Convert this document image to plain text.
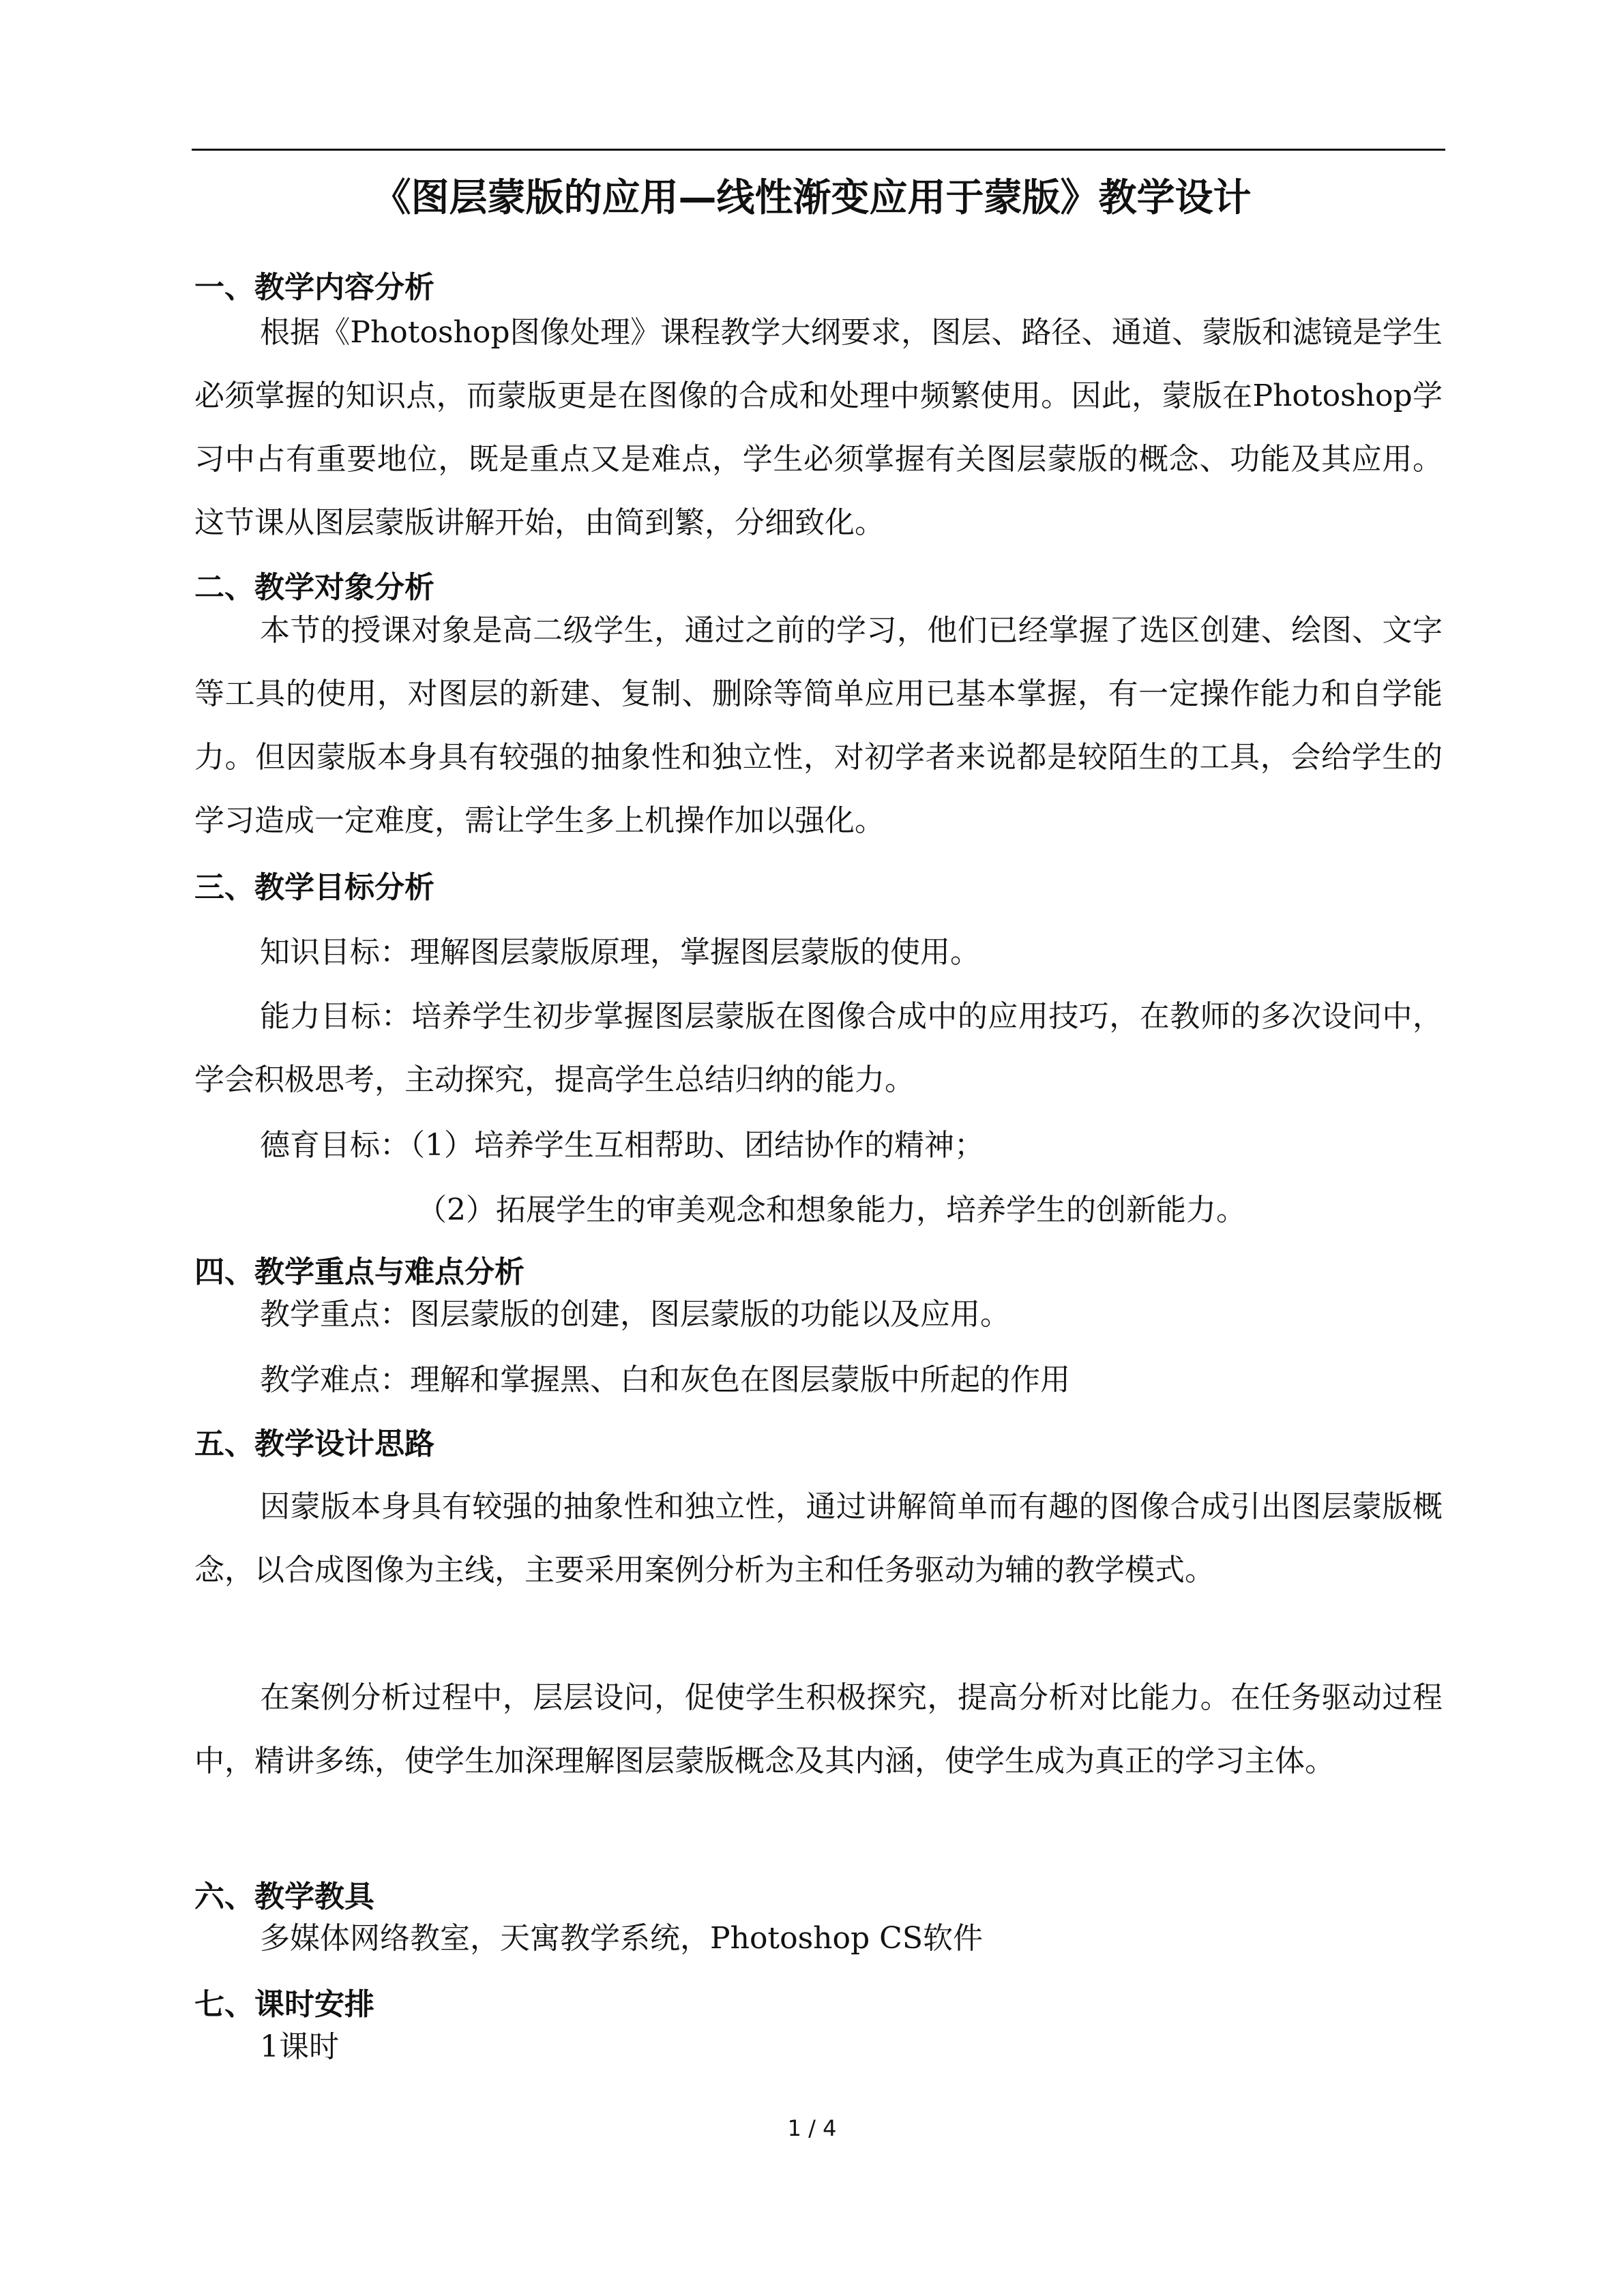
《图层蒙版的应用—线性渐变应用于蒙版》教学设计
一、教学内容分析

根据《Photoshop图像处理》课程教学大纲要求，图层、路径、通道、蒙版和滤镜是学生必须掌握的知识点，而蒙版更是在图像的合成和处理中频繁使用。因此，蒙版在Photoshop学习中占有重要地位，既是重点又是难点，学生必须掌握有关图层蒙版的概念、功能及其应用。这节课从图层蒙版讲解开始，由简到繁，分细致化。

二、教学对象分析

本节的授课对象是高二级学生，通过之前的学习，他们已经掌握了选区创建、绘图、文字等工具的使用，对图层的新建、复制、删除等简单应用已基本掌握，有一定操作能力和自学能力。但因蒙版本身具有较强的抽象性和独立性，对初学者来说都是较陌生的工具，会给学生的学习造成一定难度，需让学生多上机操作加以强化。

三、教学目标分析
知识目标：理解图层蒙版原理，掌握图层蒙版的使用。

能力目标：培养学生初步掌握图层蒙版在图像合成中的应用技巧，在教师的多次设问中，学会积极思考，主动探究，提高学生总结归纳的能力。

德育目标：（1）培养学生互相帮助、团结协作的精神；
（2）拓展学生的审美观念和想象能力，培养学生的创新能力。
四、教学重点与难点分析
教学重点：图层蒙版的创建，图层蒙版的功能以及应用。
教学难点：理解和掌握黑、白和灰色在图层蒙版中所起的作用
五、教学设计思路

因蒙版本身具有较强的抽象性和独立性，通过讲解简单而有趣的图像合成引出图层蒙版概念，以合成图像为主线，主要采用案例分析为主和任务驱动为辅的教学模式。

在案例分析过程中，层层设问，促使学生积极探究，提高分析对比能力。在任务驱动过程中，精讲多练，使学生加深理解图层蒙版概念及其内涵，使学生成为真正的学习主体。

六、教学教具
多媒体网络教室，天寓教学系统，Photoshop CS软件
七、课时安排
1课时
1 / 4
